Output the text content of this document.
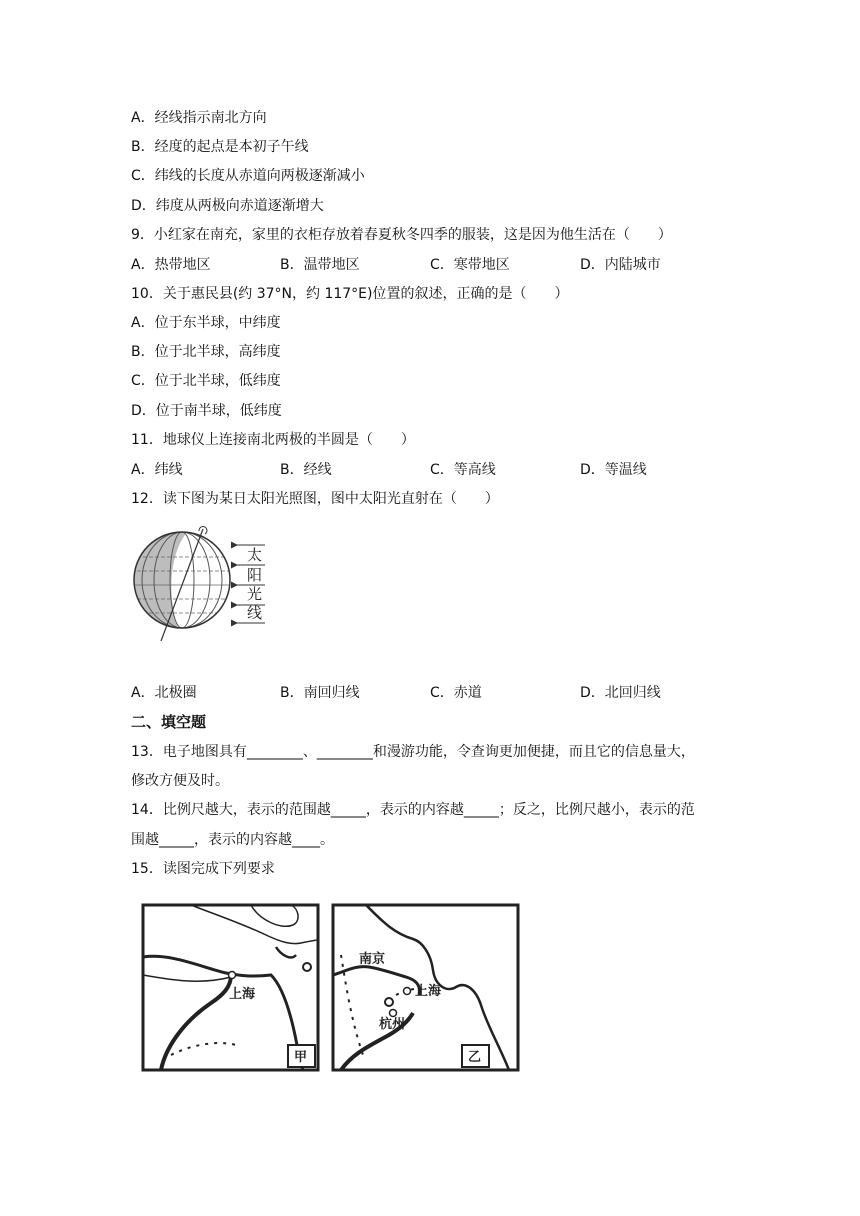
A．经线指示南北方向
B．经度的起点是本初子午线
C．纬线的长度从赤道向两极逐渐减小
D．纬度从两极向赤道逐渐增大
9．小红家在南充，家里的衣柜存放着春夏秋冬四季的服装，这是因为他生活在（　　）
A．热带地区	B．温带地区	C．寒带地区	D．内陆城市
10．关于惠民县(约 37°N，约 117°E)位置的叙述，正确的是（　　）
A．位于东半球，中纬度
B．位于北半球，高纬度
C．位于北半球，低纬度
D．位于南半球，低纬度
11．地球仪上连接南北两极的半圆是（　　）
A．纬线	B．经线	C．等高线	D．等温线
12．读下图为某日太阳光照图，图中太阳光直射在（　　）
太
阳
光
线
A．北极圈	B．南回归线	C．赤道	D．北回归线
二、填空题
13．电子地图具有________、________和漫游功能，令查询更加便捷，而且它的信息量大，
修改方便及时。
14．比例尺越大，表示的范围越_____，表示的内容越_____；反之，比例尺越小，表示的范
围越_____，表示的内容越____。
15．读图完成下列要求
上海
甲
南京
上海
杭州
乙
